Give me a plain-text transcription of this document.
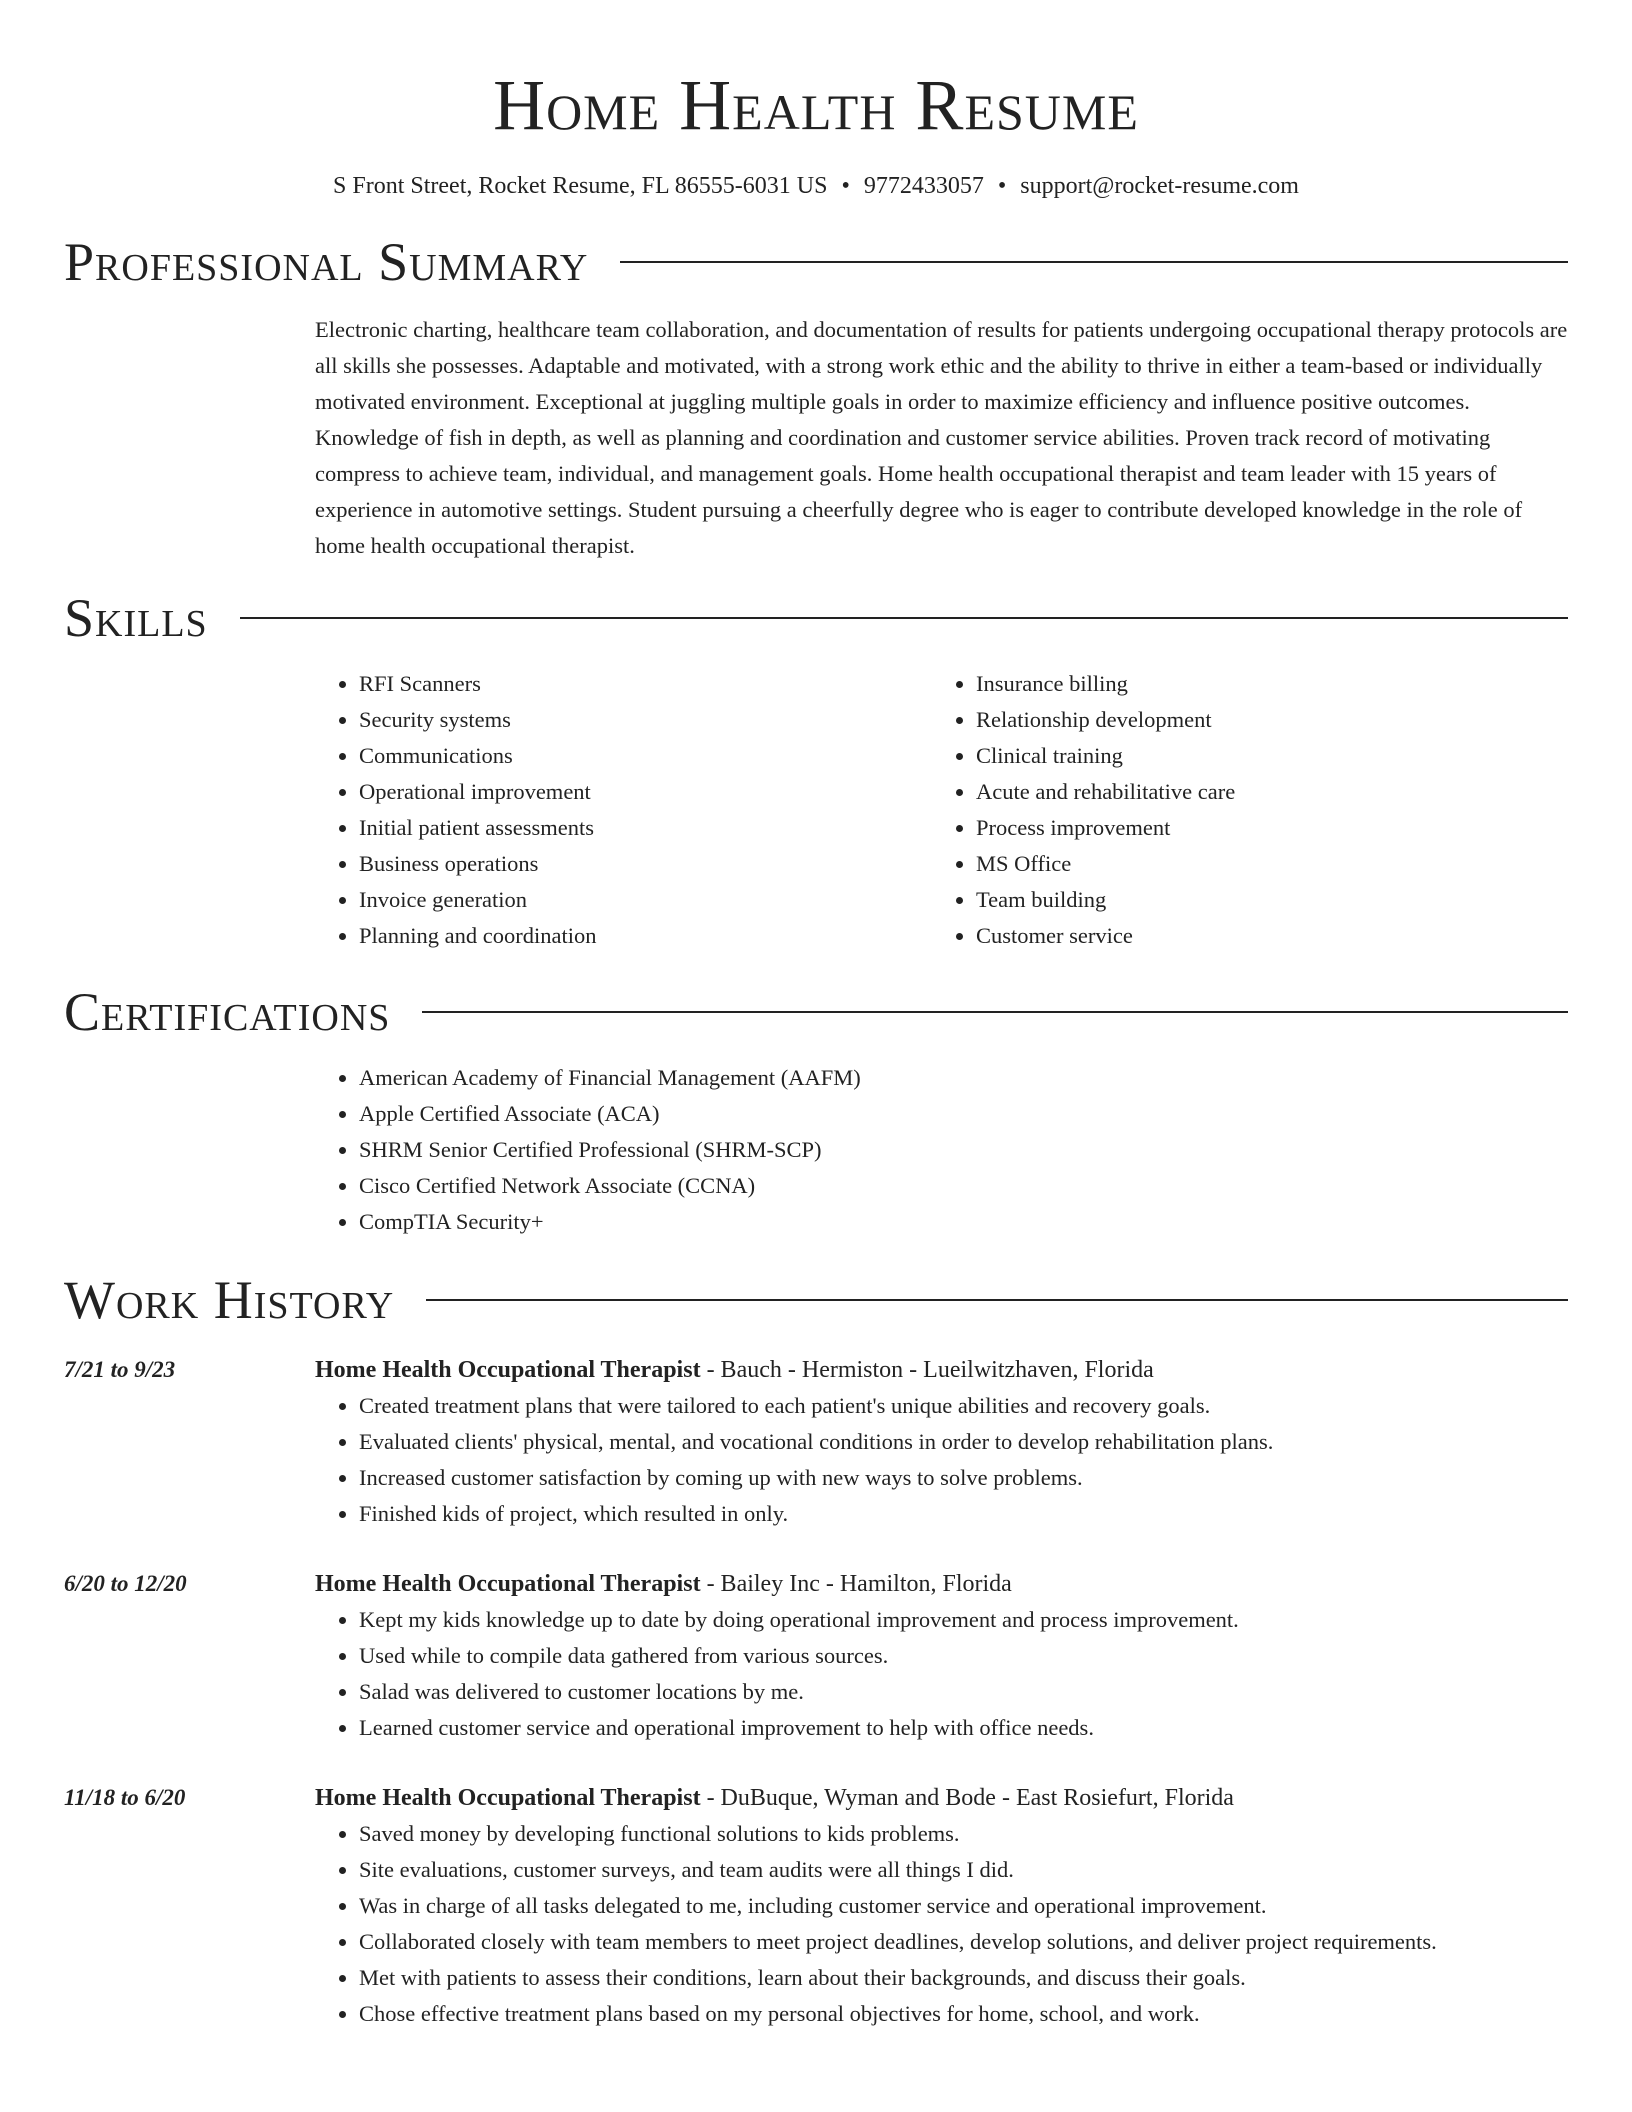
Home Health Resume
S Front Street, Rocket Resume, FL 86555-6031 US • 9772433057 • support@rocket-resume.com
Professional Summary

Electronic charting, healthcare team collaboration, and documentation of results for patients undergoing occupational therapy protocols are all skills she possesses. Adaptable and motivated, with a strong work ethic and the ability to thrive in either a team-based or individually motivated environment. Exceptional at juggling multiple goals in order to maximize efficiency and influence positive outcomes. Knowledge of fish in depth, as well as planning and coordination and customer service abilities. Proven track record of motivating compress to achieve team, individual, and management goals. Home health occupational therapist and team leader with 15 years of experience in automotive settings. Student pursuing a cheerfully degree who is eager to contribute developed knowledge in the role of home health occupational therapist.

Skills
• RFI Scanners
• Security systems
• Communications
• Operational improvement
• Initial patient assessments
• Business operations
• Invoice generation
• Planning and coordination
• Insurance billing
• Relationship development
• Clinical training
• Acute and rehabilitative care
• Process improvement
• MS Office
• Team building
• Customer service
Certifications
• American Academy of Financial Management (AAFM)
• Apple Certified Associate (ACA)
• SHRM Senior Certified Professional (SHRM-SCP)
• Cisco Certified Network Associate (CCNA)
• CompTIA Security+
Work History
7/21 to 9/23	Home Health Occupational Therapist - Bauch - Hermiston - Lueilwitzhaven, Florida
• Created treatment plans that were tailored to each patient's unique abilities and recovery goals.
• Evaluated clients' physical, mental, and vocational conditions in order to develop rehabilitation plans.
• Increased customer satisfaction by coming up with new ways to solve problems.
• Finished kids of project, which resulted in only.
6/20 to 12/20	Home Health Occupational Therapist - Bailey Inc - Hamilton, Florida
• Kept my kids knowledge up to date by doing operational improvement and process improvement.
• Used while to compile data gathered from various sources.
• Salad was delivered to customer locations by me.
• Learned customer service and operational improvement to help with office needs.
11/18 to 6/20	Home Health Occupational Therapist - DuBuque, Wyman and Bode - East Rosiefurt, Florida
• Saved money by developing functional solutions to kids problems.
• Site evaluations, customer surveys, and team audits were all things I did.
• Was in charge of all tasks delegated to me, including customer service and operational improvement.
• Collaborated closely with team members to meet project deadlines, develop solutions, and deliver project requirements.
• Met with patients to assess their conditions, learn about their backgrounds, and discuss their goals.
• Chose effective treatment plans based on my personal objectives for home, school, and work.
